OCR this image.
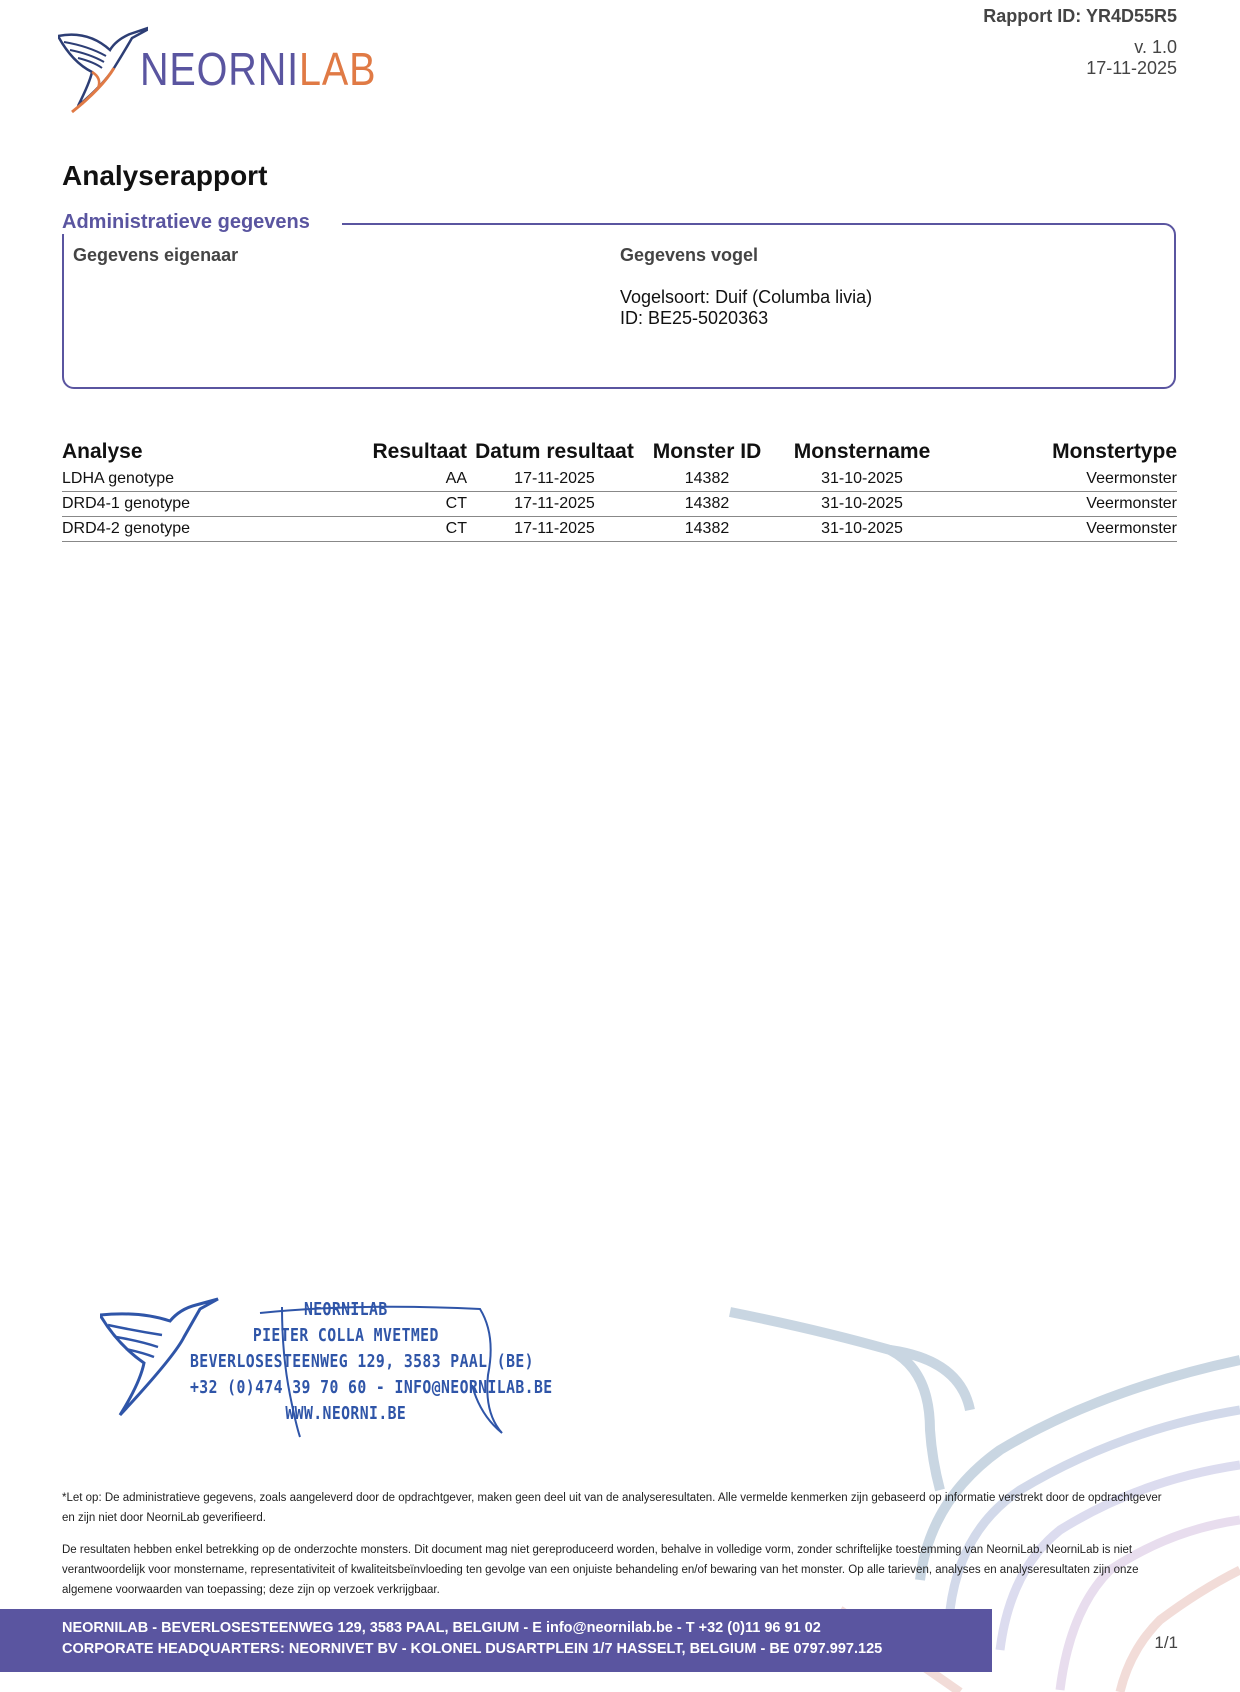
NEORNILAB
Rapport ID: YR4D55R5
v. 1.0
17-11-2025
Analyserapport
Administratieve gegevens
Gegevens eigenaar	Gegevens vogel
Vogelsoort: Duif (Columba livia)
ID: BE25-5020363
Analyse	Resultaat	Datum resultaat	Monster ID	Monstername	Monstertype
LDHA genotype	AA	17-11-2025	14382	31-10-2025	Veermonster
DRD4-1 genotype	CT	17-11-2025	14382	31-10-2025	Veermonster
DRD4-2 genotype	CT	17-11-2025	14382	31-10-2025	Veermonster
NEORNILAB
PIETER COLLA MVETMED
BEVERLOSESTEENWEG 129, 3583 PAAL (BE)
+32 (0)474 39 70 60 - INFO@NEORNILAB.BE
WWW.NEORNI.BE
*Let op: De administratieve gegevens, zoals aangeleverd door de opdrachtgever, maken geen deel uit van de analyseresultaten. Alle vermelde kenmerken zijn gebaseerd op informatie verstrekt door de opdrachtgever en zijn niet door NeorniLab geverifieerd.
De resultaten hebben enkel betrekking op de onderzochte monsters. Dit document mag niet gereproduceerd worden, behalve in volledige vorm, zonder schriftelijke toestemming van NeorniLab. NeorniLab is niet verantwoordelijk voor monstername, representativiteit of kwaliteitsbeïnvloeding ten gevolge van een onjuiste behandeling en/of bewaring van het monster. Op alle tarieven, analyses en analyseresultaten zijn onze algemene voorwaarden van toepassing; deze zijn op verzoek verkrijgbaar.
NEORNILAB - BEVERLOSESTEENWEG 129, 3583 PAAL, BELGIUM - E info@neornilab.be - T +32 (0)11 96 91 02
CORPORATE HEADQUARTERS: NEORNIVET BV - KOLONEL DUSARTPLEIN 1/7 HASSELT, BELGIUM - BE 0797.997.125	1/1
